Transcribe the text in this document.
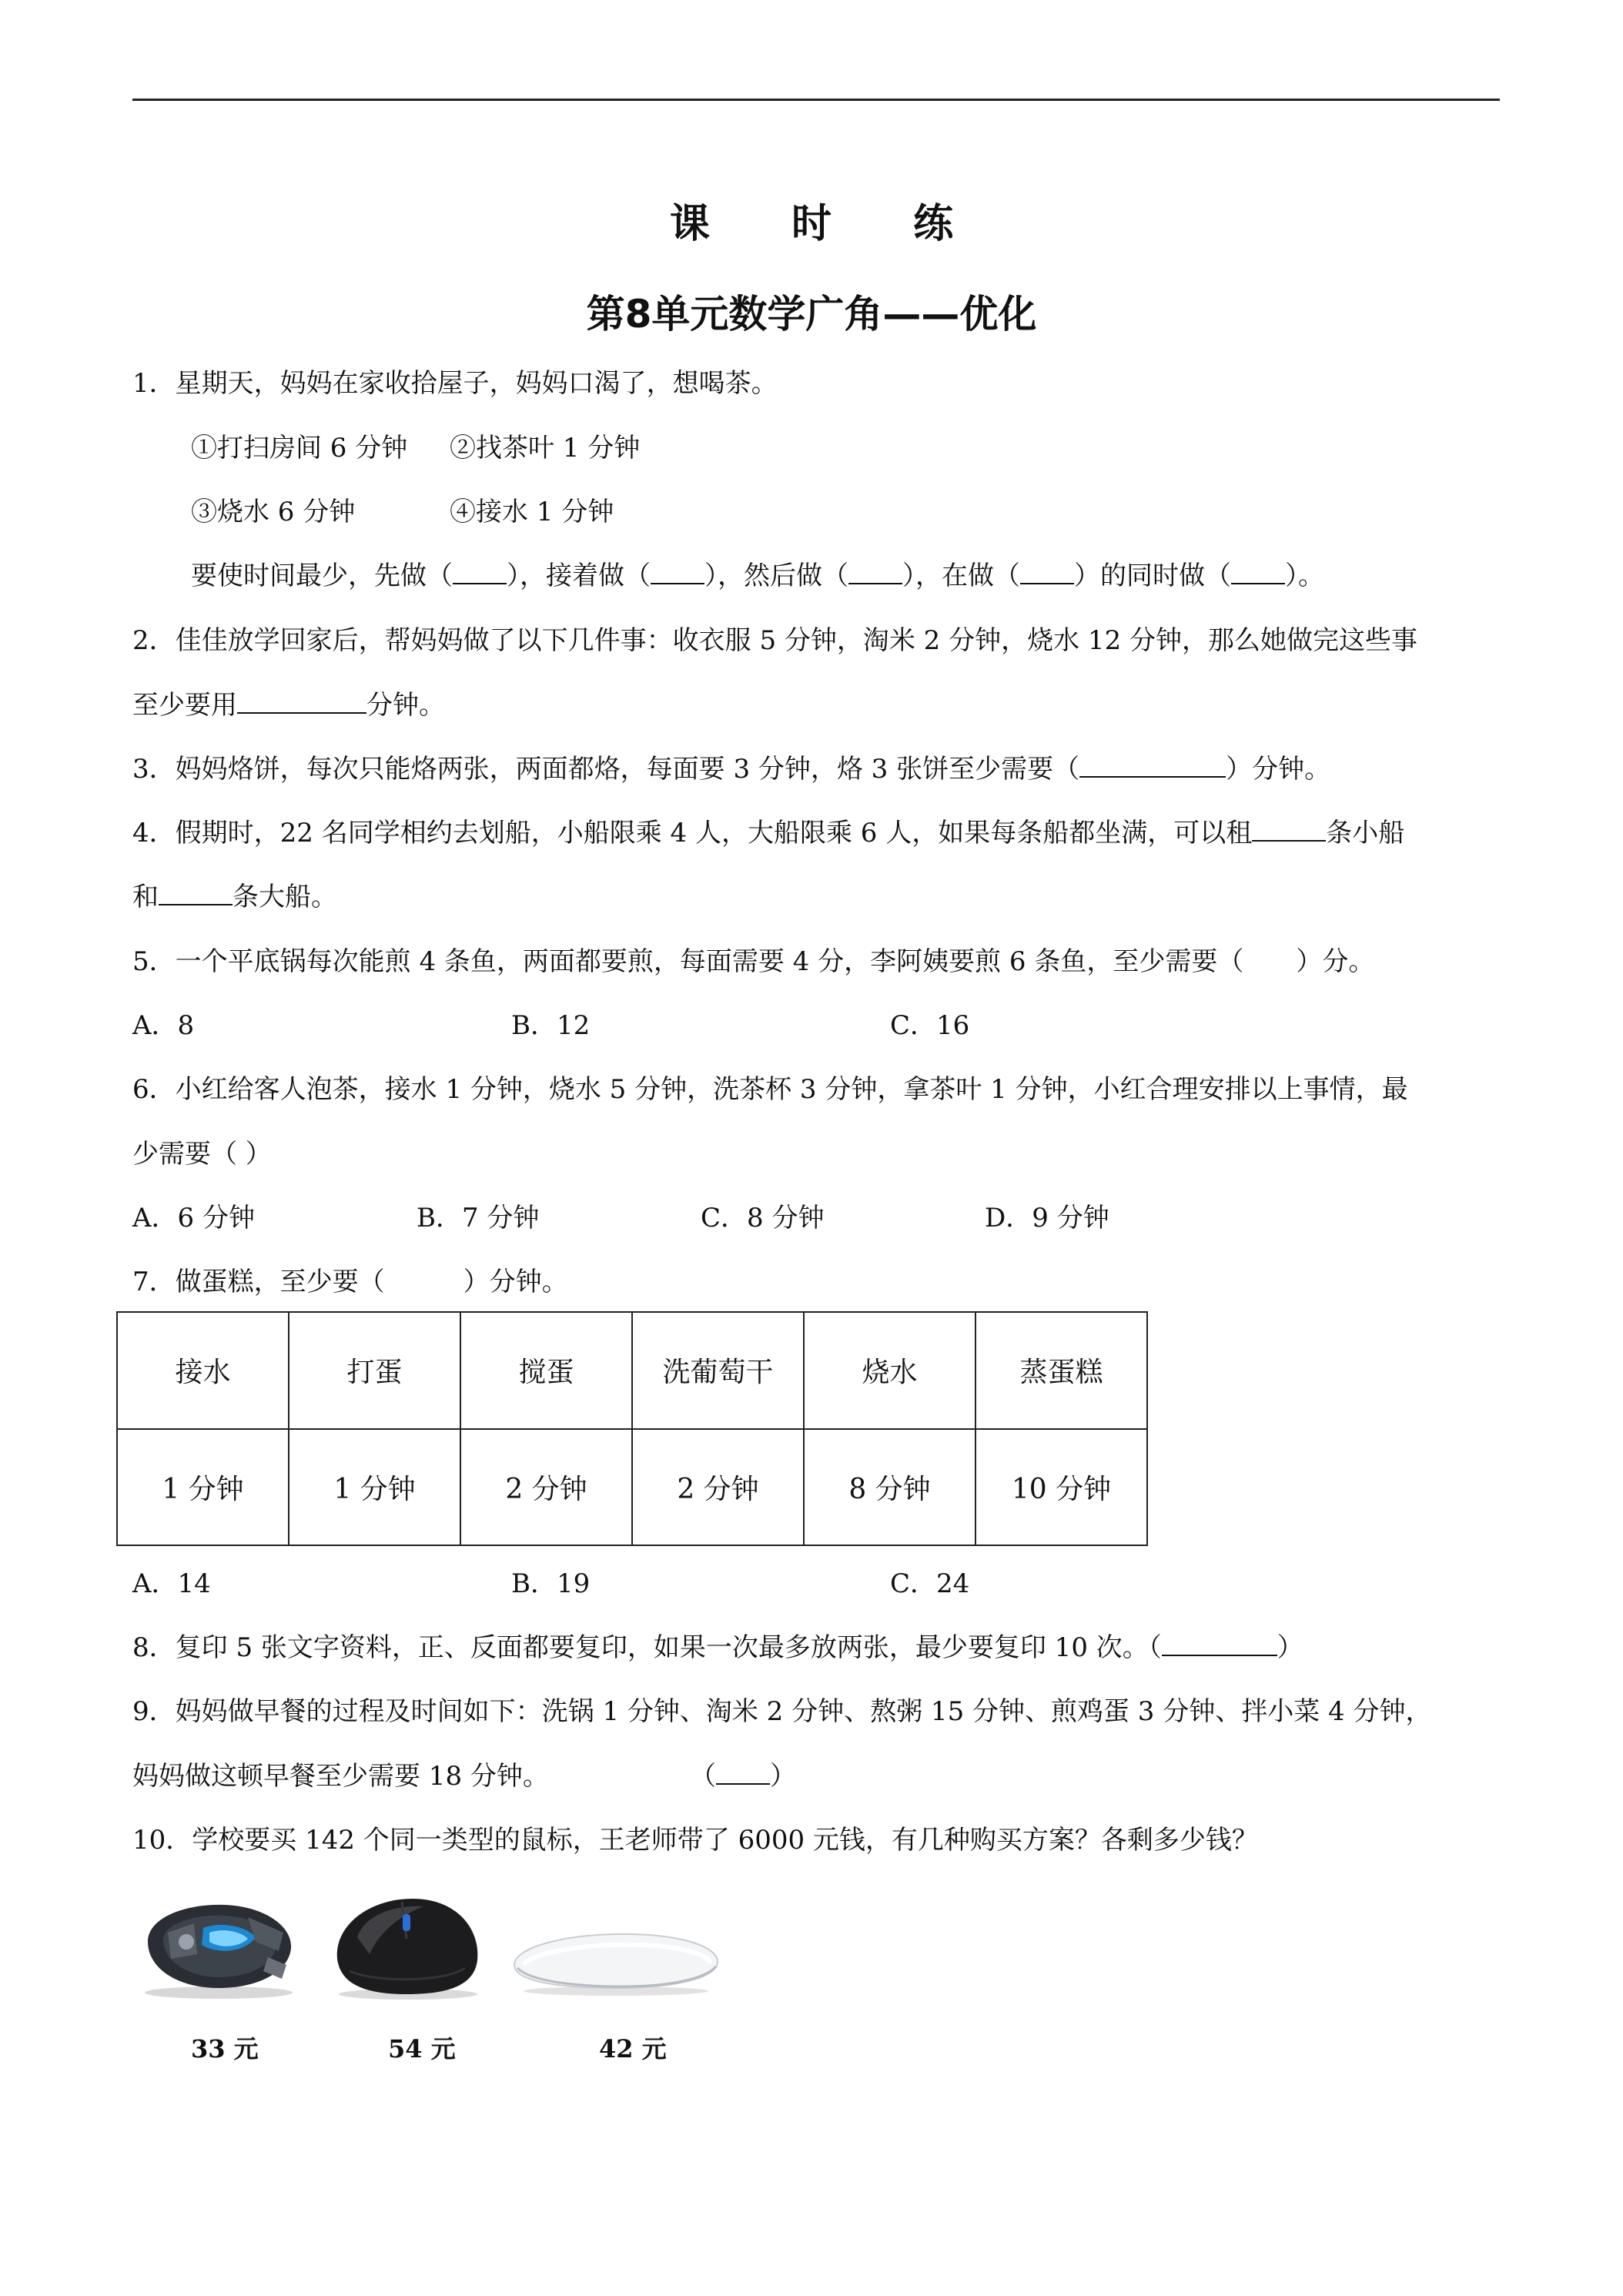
课 时 练
第8单元数学广角——优化
1．星期天，妈妈在家收拾屋子，妈妈口渴了，想喝茶。
①打扫房间 6 分钟 ②找茶叶 1 分钟
③烧水 6 分钟	④接水 1 分钟
要使时间最少，先做（ ），接着做（ ），然后做（ ），在做（ ）的同时做（ ）。
2．佳佳放学回家后，帮妈妈做了以下几件事：收衣服 5 分钟，淘米 2 分钟，烧水 12 分钟，那么她做完这些事
至少要用	分钟。
3．妈妈烙饼，每次只能烙两张，两面都烙，每面要 3 分钟，烙 3 张饼至少需要（	）分钟。
4．假期时，22 名同学相约去划船，小船限乘 4 人，大船限乘 6 人，如果每条船都坐满，可以租	条小船
和	条大船。
5．一个平底锅每次能煎 4 条鱼，两面都要煎，每面需要 4 分，李阿姨要煎 6 条鱼，至少需要（　　）分。
A．8	B．12	C．16
6．小红给客人泡茶，接水 1 分钟，烧水 5 分钟，洗茶杯 3 分钟，拿茶叶 1 分钟，小红合理安排以上事情，最
少需要（ ）
A．6 分钟	B．7 分钟	C．8 分钟	D．9 分钟
7．做蛋糕，至少要（　　　）分钟。
接水	打蛋	搅蛋	洗葡萄干	烧水	蒸蛋糕
1 分钟	1 分钟	2 分钟	2 分钟	8 分钟	10 分钟
A．14	B．19	C．24
8．复印 5 张文字资料，正、反面都要复印，如果一次最多放两张，最少要复印 10 次。（	）
9．妈妈做早餐的过程及时间如下：洗锅 1 分钟、淘米 2 分钟、熬粥 15 分钟、煎鸡蛋 3 分钟、拌小菜 4 分钟，
妈妈做这顿早餐至少需要 18 分钟。	（ ）
10．学校要买 142 个同一类型的鼠标，王老师带了 6000 元钱，有几种购买方案？各剩多少钱？
33 元	54 元	42 元
